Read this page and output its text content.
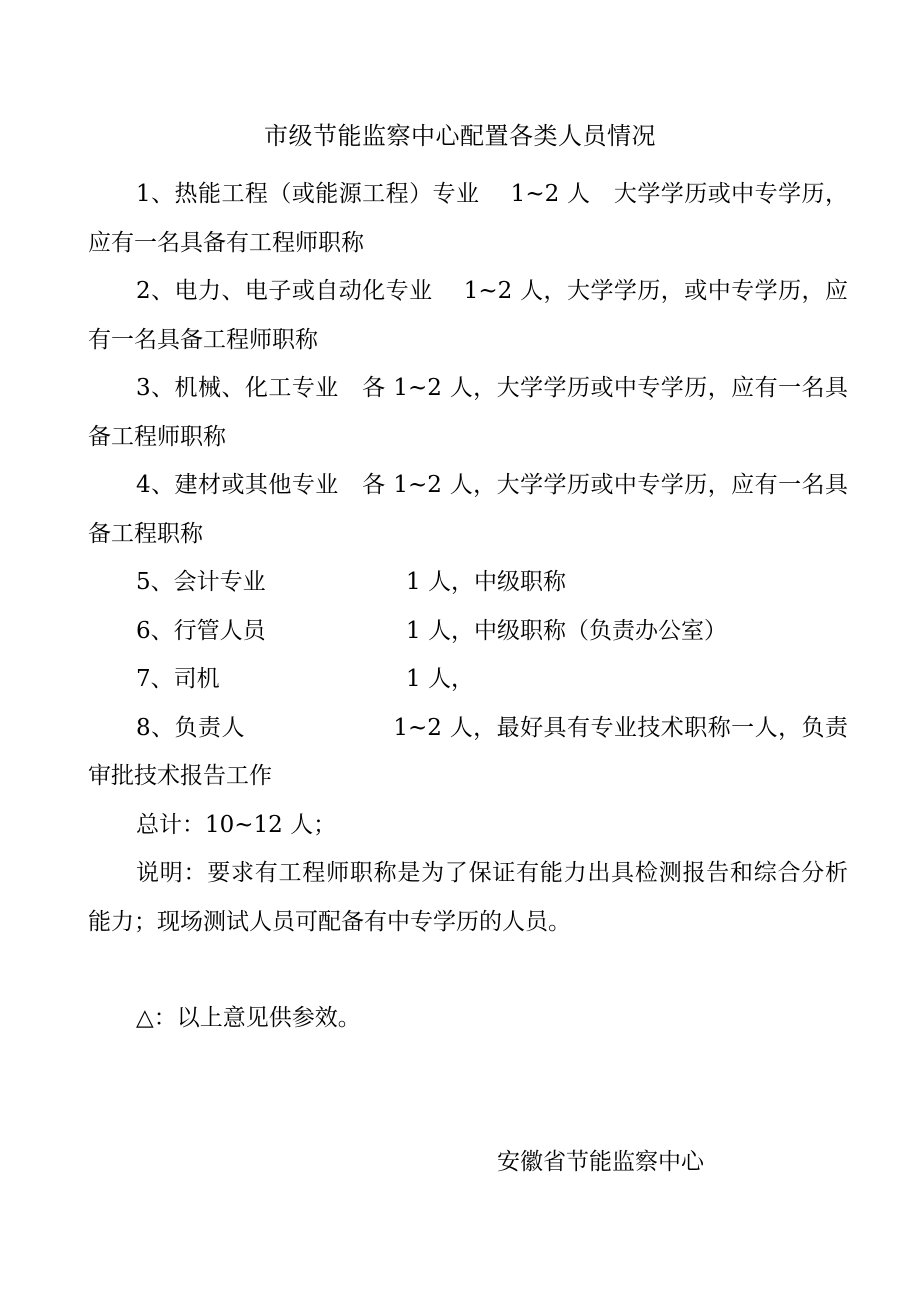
市级节能监察中心配置各类人员情况

1、热能工程（或能源工程）专业　 1~2 人　大学学历或中专学历，应有一名具备有工程师职称

2、电力、电子或自动化专业　 1~2 人，大学学历，或中专学历，应有一名具备工程师职称

3、机械、化工专业　各 1~2 人，大学学历或中专学历，应有一名具备工程师职称

4、建材或其他专业　各 1~2 人，大学学历或中专学历，应有一名具备工程职称

5、会计专业	1 人，中级职称

6、行管人员	1 人，中级职称（负责办公室）

7、司机	1 人，

8、负责人　　　　　　 1~2 人，最好具有专业技术职称一人，负责审批技术报告工作

总计：10~12 人；

说明：要求有工程师职称是为了保证有能力出具检测报告和综合分析能力；现场测试人员可配备有中专学历的人员。

△：以上意见供参效。

安徽省节能监察中心
